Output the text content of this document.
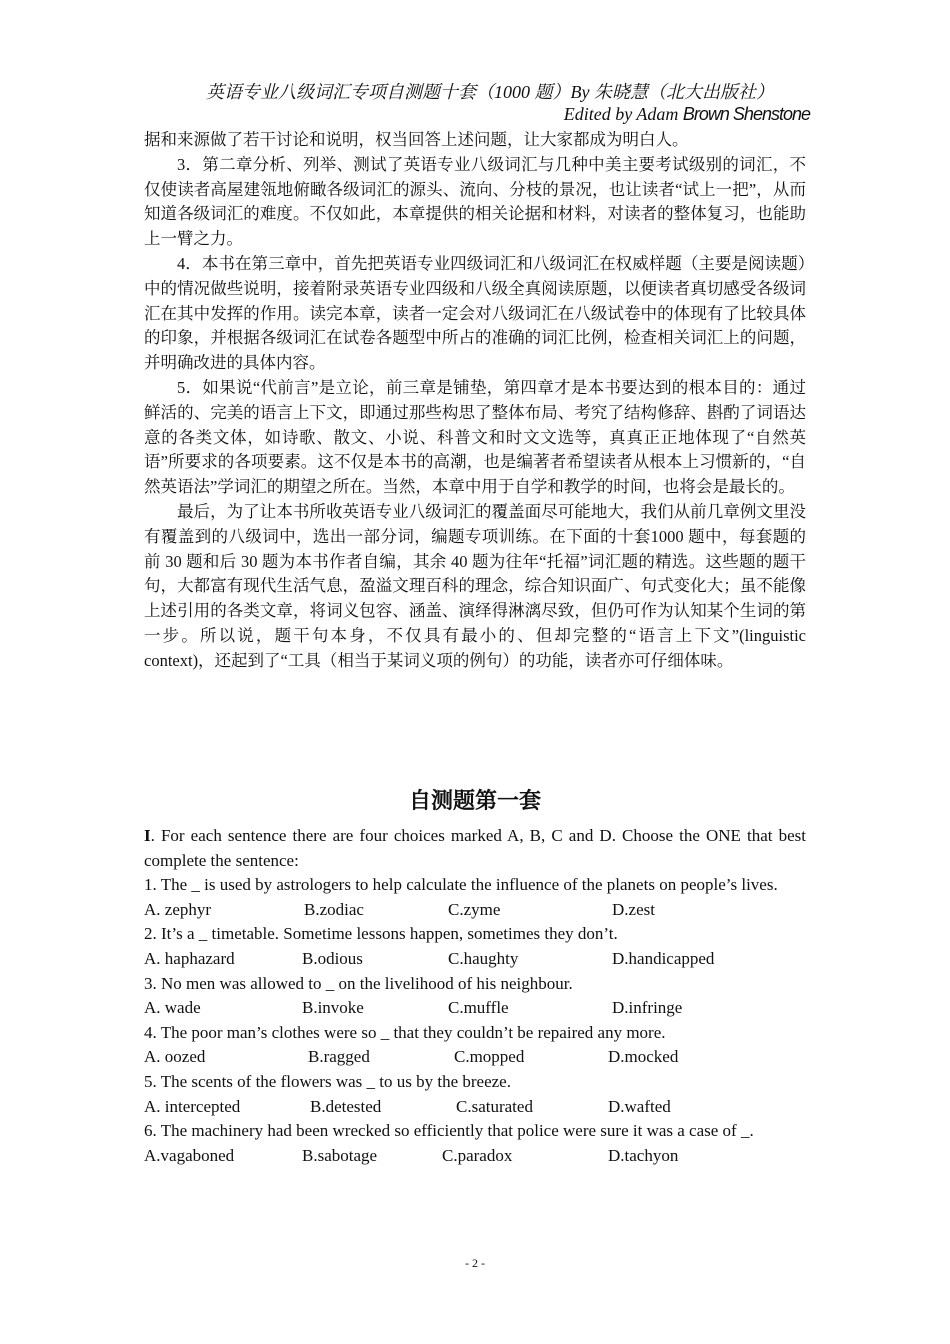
英语专业八级词汇专项自测题十套（1000 题）By 朱晓慧（北大出版社）
Edited by Adam Brown Shenstone

据和来源做了若干讨论和说明，权当回答上述问题，让大家都成为明白人。

3．第二章分析、列举、测试了英语专业八级词汇与几种中美主要考试级别的词汇，不仅使读者高屋建瓴地俯瞰各级词汇的源头、流向、分枝的景况，也让读者“试上一把”，从而知道各级词汇的难度。不仅如此，本章提供的相关论据和材料，对读者的整体复习，也能助上一臂之力。

4．本书在第三章中，首先把英语专业四级词汇和八级词汇在权威样题（主要是阅读题）中的情况做些说明，接着附录英语专业四级和八级全真阅读原题，以便读者真切感受各级词汇在其中发挥的作用。读完本章，读者一定会对八级词汇在八级试卷中的体现有了比较具体的印象，并根据各级词汇在试卷各题型中所占的准确的词汇比例，检查相关词汇上的问题，并明确改进的具体内容。

5．如果说“代前言”是立论，前三章是铺垫，第四章才是本书要达到的根本目的：通过鲜活的、完美的语言上下文，即通过那些构思了整体布局、考究了结构修辞、斟酌了词语达意的各类文体，如诗歌、散文、小说、科普文和时文文选等，真真正正地体现了“自然英语”所要求的各项要素。这不仅是本书的高潮，也是编著者希望读者从根本上习惯新的，“自然英语法”学词汇的期望之所在。当然，本章中用于自学和教学的时间，也将会是最长的。

最后，为了让本书所收英语专业八级词汇的覆盖面尽可能地大，我们从前几章例文里没有覆盖到的八级词中，选出一部分词，编题专项训练。在下面的十套1000 题中，每套题的前 30 题和后 30 题为本书作者自编，其余 40 题为往年“托福”词汇题的精选。这些题的题干句，大都富有现代生活气息，盈溢文理百科的理念，综合知识面广、句式变化大；虽不能像上述引用的各类文章，将词义包容、涵盖、演绎得淋漓尽致，但仍可作为认知某个生词的第一步。所以说，题干句本身，不仅具有最小的、但却完整的“语言上下文”(linguistic context)，还起到了“工具（相当于某词义项的例句）的功能，读者亦可仔细体味。

自测题第一套

I. For each sentence there are four choices marked A, B, C and D. Choose the ONE that best complete the sentence:

1. The _ is used by astrologers to help calculate the influence of the planets on people’s lives.

A. zephyr	B.zodiac	C.zyme	D.zest

2. It’s a _ timetable. Sometime lessons happen, sometimes they don’t.

A. haphazard	B.odious	C.haughty	D.handicapped

3. No men was allowed to _ on the livelihood of his neighbour.

A. wade	B.invoke	C.muffle	D.infringe

4. The poor man’s clothes were so _ that they couldn’t be repaired any more.

A. oozed	B.ragged	C.mopped	D.mocked

5. The scents of the flowers was _ to us by the breeze.

A. intercepted	B.detested	C.saturated	D.wafted

6. The machinery had been wrecked so efficiently that police were sure it was a case of _.

A.vagaboned	B.sabotage	C.paradox	D.tachyon
- 2 -
